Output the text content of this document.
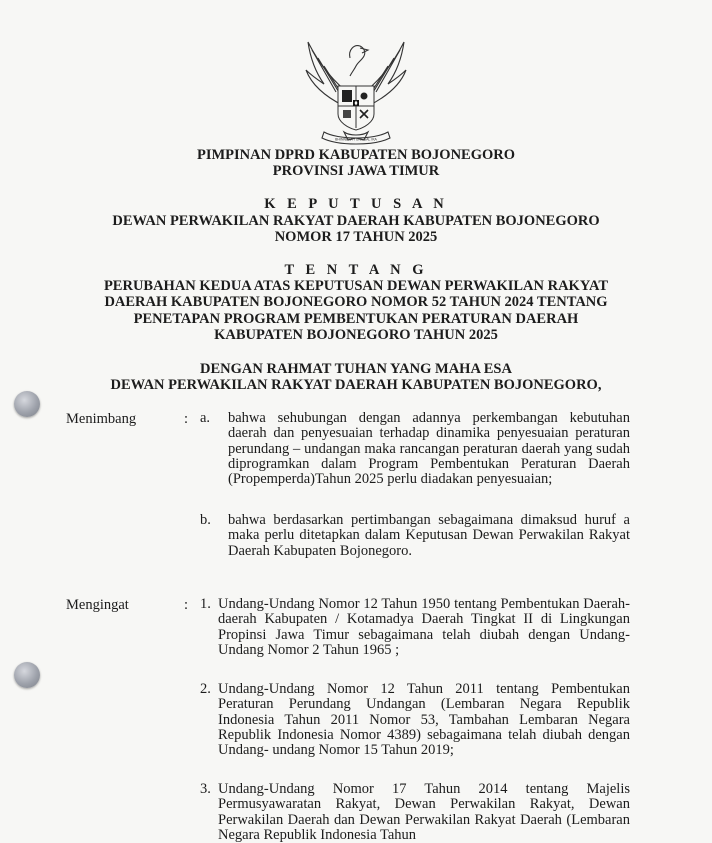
BHINNEKA TUNGGAL IKA

PIMPINAN DPRD KABUPATEN BOJONEGORO

PROVINSI JAWA TIMUR

K E P U T U S A N

DEWAN PERWAKILAN RAKYAT DAERAH KABUPATEN BOJONEGORO

NOMOR 17 TAHUN 2025

T E N T A N G

PERUBAHAN KEDUA ATAS KEPUTUSAN DEWAN PERWAKILAN RAKYAT

DAERAH KABUPATEN BOJONEGORO NOMOR 52 TAHUN 2024 TENTANG

PENETAPAN PROGRAM PEMBENTUKAN PERATURAN DAERAH

KABUPATEN BOJONEGORO TAHUN 2025

DENGAN RAHMAT TUHAN YANG MAHA ESA

DEWAN PERWAKILAN RAKYAT DAERAH KABUPATEN BOJONEGORO,

Menimbang	: a.	bahwa sehubungan dengan adannya perkembangan kebutuhan daerah dan penyesuaian terhadap dinamika penyesuaian peraturan perundang – undangan maka rancangan peraturan daerah yang sudah diprogramkan dalam Program Pembentukan Peraturan Daerah (Propemperda)Tahun 2025 perlu diadakan penyesuaian;
b.	bahwa berdasarkan pertimbangan sebagaimana dimaksud huruf a maka perlu ditetapkan dalam Keputusan Dewan Perwakilan Rakyat Daerah Kabupaten Bojonegoro.
Mengingat	: 1. Undang-Undang Nomor 12 Tahun 1950 tentang Pembentukan Daerah-daerah Kabupaten / Kotamadya Daerah Tingkat II di Lingkungan Propinsi Jawa Timur sebagaimana telah diubah dengan Undang-Undang Nomor 2 Tahun 1965 ;
2. Undang-Undang Nomor 12 Tahun 2011 tentang Pembentukan Peraturan Perundang Undangan (Lembaran Negara Republik Indonesia Tahun 2011 Nomor 53, Tambahan Lembaran Negara Republik Indonesia Nomor 4389) sebagaimana telah diubah dengan Undang- undang Nomor 15 Tahun 2019;
3. Undang-Undang Nomor 17 Tahun 2014 tentang Majelis Permusyawaratan Rakyat, Dewan Perwakilan Rakyat, Dewan Perwakilan Daerah dan Dewan Perwakilan Rakyat Daerah (Lembaran Negara Republik Indonesia Tahun
